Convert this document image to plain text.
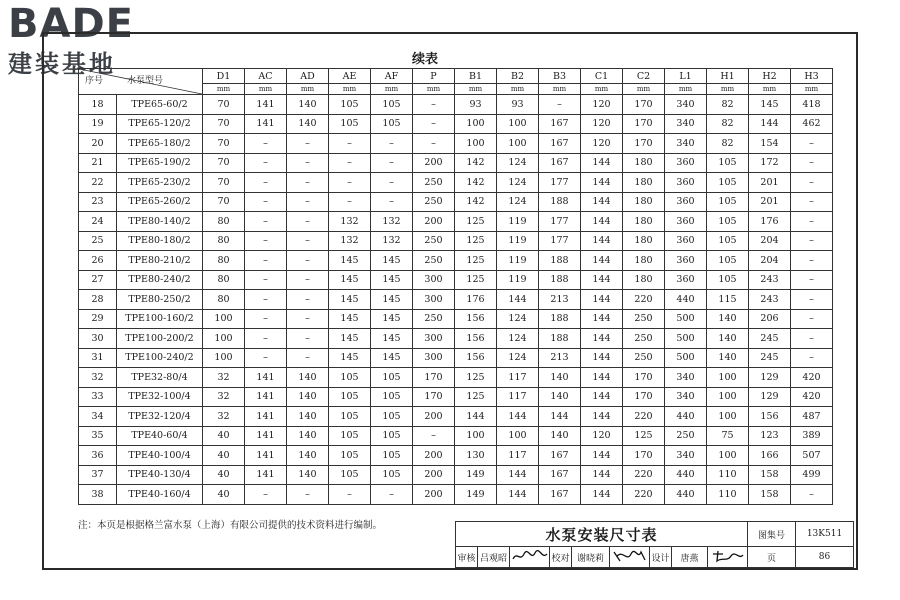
BADE
建装基地	续表
序号 水泵型号		D1	AC	AD	AE	AF	P	B1	B2	B3	C1	C2	L1	H1	H2	H3
		mm	mm	mm	mm	mm	mm	mm	mm	mm	mm	mm	mm	mm	mm	mm
18	TPE65-60/2	70	141	140	105	105	–	93	93	–	120	170	340	82	145	418
19	TPE65-120/2	70	141	140	105	105	–	100	100	167	120	170	340	82	144	462
20	TPE65-180/2	70	–	–	–	–	–	100	100	167	120	170	340	82	154	–
21	TPE65-190/2	70	–	–	–	–	200	142	124	167	144	180	360	105	172	–
22	TPE65-230/2	70	–	–	–	–	250	142	124	177	144	180	360	105	201	–
23	TPE65-260/2	70	–	–	–	–	250	142	124	188	144	180	360	105	201	–
24	TPE80-140/2	80	–	–	132	132	200	125	119	177	144	180	360	105	176	–
25	TPE80-180/2	80	–	–	132	132	250	125	119	177	144	180	360	105	204	–
26	TPE80-210/2	80	–	–	145	145	250	125	119	188	144	180	360	105	204	–
27	TPE80-240/2	80	–	–	145	145	300	125	119	188	144	180	360	105	243	–
28	TPE80-250/2	80	–	–	145	145	300	176	144	213	144	220	440	115	243	–
29	TPE100-160/2	100	–	–	145	145	250	156	124	188	144	250	500	140	206	–
30	TPE100-200/2	100	–	–	145	145	300	156	124	188	144	250	500	140	245	–
31	TPE100-240/2	100	–	–	145	145	300	156	124	213	144	250	500	140	245	–
32	TPE32-80/4	32	141	140	105	105	170	125	117	140	144	170	340	100	129	420
33	TPE32-100/4	32	141	140	105	105	170	125	117	140	144	170	340	100	129	420
34	TPE32-120/4	32	141	140	105	105	200	144	144	144	144	220	440	100	156	487
35	TPE40-60/4	40	141	140	105	105	–	100	100	140	120	125	250	75	123	389
36	TPE40-100/4	40	141	140	105	105	200	130	117	167	144	170	340	100	166	507
37	TPE40-130/4	40	141	140	105	105	200	149	144	167	144	220	440	110	158	499
38	TPE40-160/4	40	–	–	–	–	200	149	144	167	144	220	440	110	158	–
注：本页是根据格兰富水泵（上海）有限公司提供的技术资料进行编制。	水泵安装尺寸表									图集号	13K511
审核	吕观昭		校对	谢晓莉		设计	唐燕		页	86
